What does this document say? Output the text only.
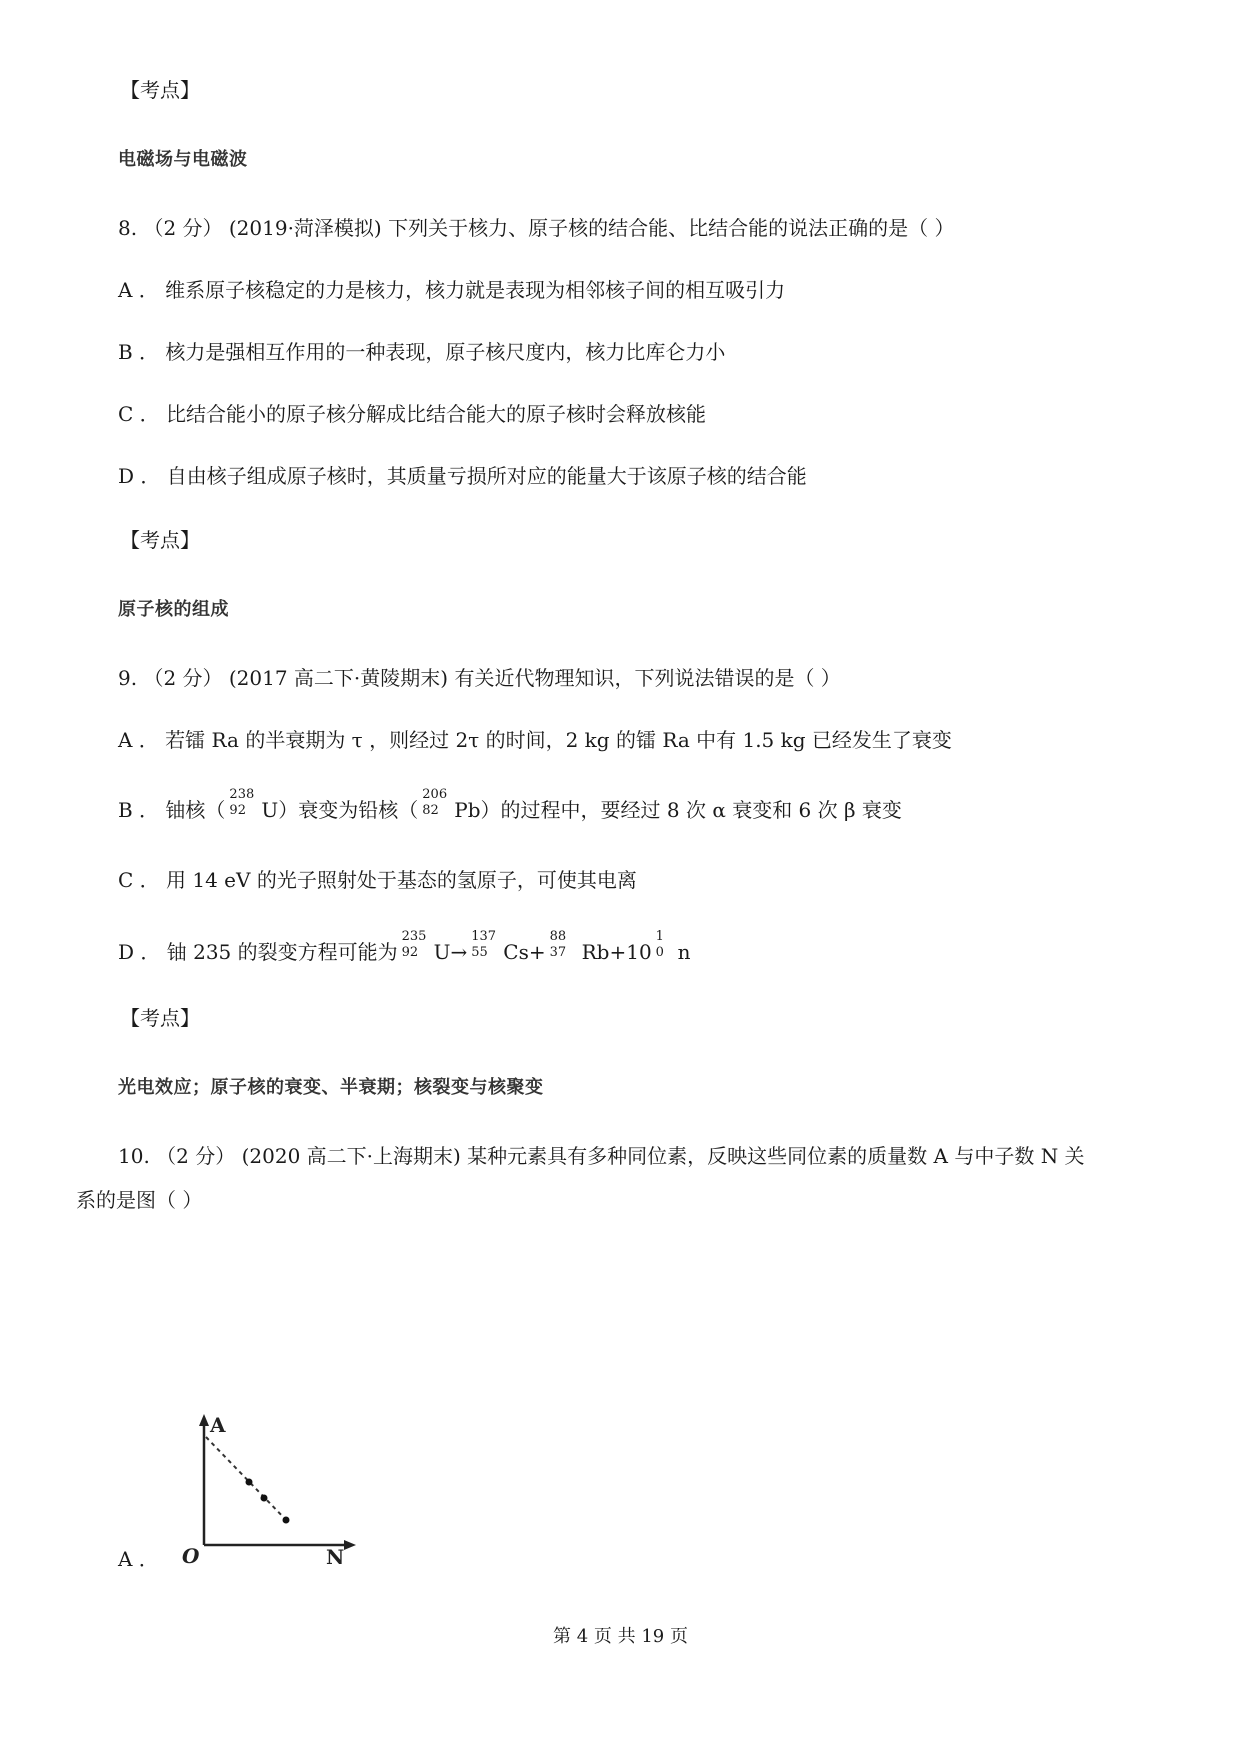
【考点】
电磁场与电磁波
8. （2 分） (2019·菏泽模拟) 下列关于核力、原子核的结合能、比结合能的说法正确的是（ ）
A ． 维系原子核稳定的力是核力，核力就是表现为相邻核子间的相互吸引力
B ． 核力是强相互作用的一种表现，原子核尺度内，核力比库仑力小
C ． 比结合能小的原子核分解成比结合能大的原子核时会释放核能
D ． 自由核子组成原子核时，其质量亏损所对应的能量大于该原子核的结合能
【考点】
原子核的组成
9. （2 分） (2017 高二下·黄陵期末) 有关近代物理知识，下列说法错误的是（ ）
A ． 若镭 Ra 的半衰期为 τ ，则经过 2τ 的时间，2 kg 的镭 Ra 中有 1.5 kg 已经发生了衰变
B ． 铀核（
238
92 U）衰变为铅核（
206
82 Pb）的过程中，要经过 8 次 α 衰变和 6 次 β 衰变
C ． 用 14 eV 的光子照射处于基态的氢原子，可使其电离
D ． 铀 235 的裂变方程可能为
235
92 U→
137
55 Cs+
88
37 Rb+10
1
0 n
【考点】
光电效应；原子核的衰变、半衰期；核裂变与核聚变
10. （2 分） (2020 高二下·上海期末) 某种元素具有多种同位素，反映这些同位素的质量数 A 与中子数 N 关
系的是图（ ）
A
O	N
A ．
第 4 页 共 19 页
